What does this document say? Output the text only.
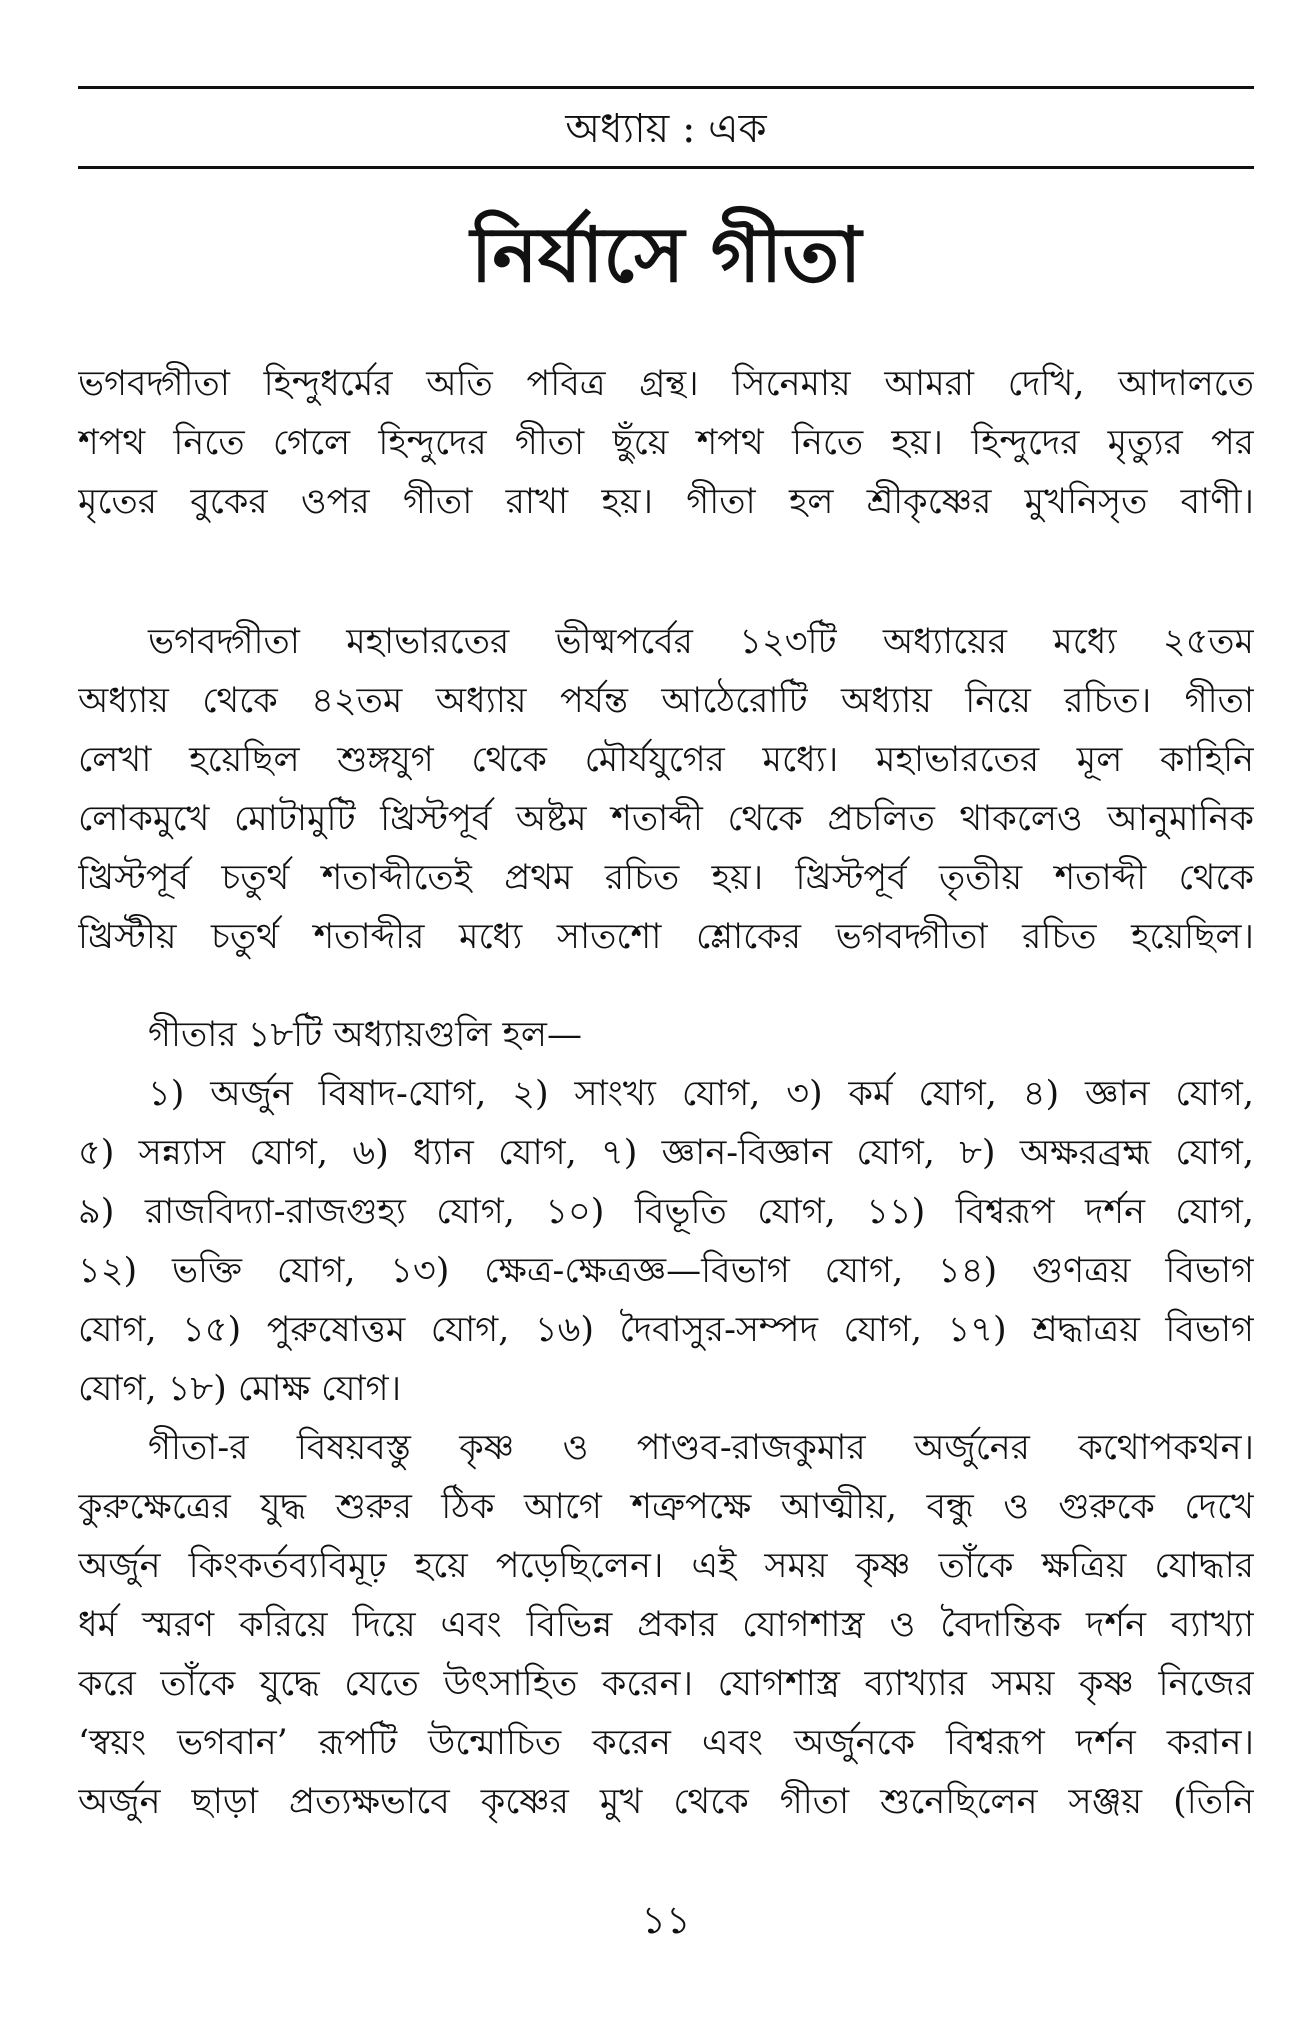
অধ্যায় : এক
নির্যাসে গীতা
ভগবদ্গীতা হিন্দুধর্মের অতি পবিত্র গ্রন্থ। সিনেমায় আমরা দেখি, আদালতে
শপথ নিতে গেলে হিন্দুদের গীতা ছুঁয়ে শপথ নিতে হয়। হিন্দুদের মৃত্যুর পর
মৃতের বুকের ওপর গীতা রাখা হয়। গীতা হল শ্রীকৃষ্ণের মুখনিসৃত বাণী।
ভগবদ্গীতা মহাভারতের ভীষ্মপর্বের ১২৩টি অধ্যায়ের মধ্যে ২৫তম
অধ্যায় থেকে ৪২তম অধ্যায় পর্যন্ত আঠেরোটি অধ্যায় নিয়ে রচিত। গীতা
লেখা হয়েছিল শুঙ্গযুগ থেকে মৌর্যযুগের মধ্যে। মহাভারতের মূল কাহিনি
লোকমুখে মোটামুটি খ্রিস্টপূর্ব অষ্টম শতাব্দী থেকে প্রচলিত থাকলেও আনুমানিক
খ্রিস্টপূর্ব চতুর্থ শতাব্দীতেই প্রথম রচিত হয়। খ্রিস্টপূর্ব তৃতীয় শতাব্দী থেকে
খ্রিস্টীয় চতুর্থ শতাব্দীর মধ্যে সাতশো শ্লোকের ভগবদ্গীতা রচিত হয়েছিল।
গীতার ১৮টি অধ্যায়গুলি হল—
১) অর্জুন বিষাদ-যোগ, ২) সাংখ্য যোগ, ৩) কর্ম যোগ, ৪) জ্ঞান যোগ,
৫) সন্ন্যাস যোগ, ৬) ধ্যান যোগ, ৭) জ্ঞান-বিজ্ঞান যোগ, ৮) অক্ষরব্রহ্ম যোগ,
৯) রাজবিদ্যা-রাজগুহ্য যোগ, ১০) বিভূতি যোগ, ১১) বিশ্বরূপ দর্শন যোগ,
১২) ভক্তি যোগ, ১৩) ক্ষেত্র-ক্ষেত্রজ্ঞ—বিভাগ যোগ, ১৪) গুণত্রয় বিভাগ
যোগ, ১৫) পুরুষোত্তম যোগ, ১৬) দৈবাসুর-সম্পদ যোগ, ১৭) শ্রদ্ধাত্রয় বিভাগ
যোগ, ১৮) মোক্ষ যোগ।
গীতা-র বিষয়বস্তু কৃষ্ণ ও পাণ্ডব-রাজকুমার অর্জুনের কথোপকথন।
কুরুক্ষেত্রের যুদ্ধ শুরুর ঠিক আগে শত্রুপক্ষে আত্মীয়, বন্ধু ও গুরুকে দেখে
অর্জুন কিংকর্তব্যবিমূঢ় হয়ে পড়েছিলেন। এই সময় কৃষ্ণ তাঁকে ক্ষত্রিয় যোদ্ধার
ধর্ম স্মরণ করিয়ে দিয়ে এবং বিভিন্ন প্রকার যোগশাস্ত্র ও বৈদান্তিক দর্শন ব্যাখ্যা
করে তাঁকে যুদ্ধে যেতে উৎসাহিত করেন। যোগশাস্ত্র ব্যাখ্যার সময় কৃষ্ণ নিজের
‘স্বয়ং ভগবান’ রূপটি উন্মোচিত করেন এবং অর্জুনকে বিশ্বরূপ দর্শন করান।
অর্জুন ছাড়া প্রত্যক্ষভাবে কৃষ্ণের মুখ থেকে গীতা শুনেছিলেন সঞ্জয় (তিনি
১১
